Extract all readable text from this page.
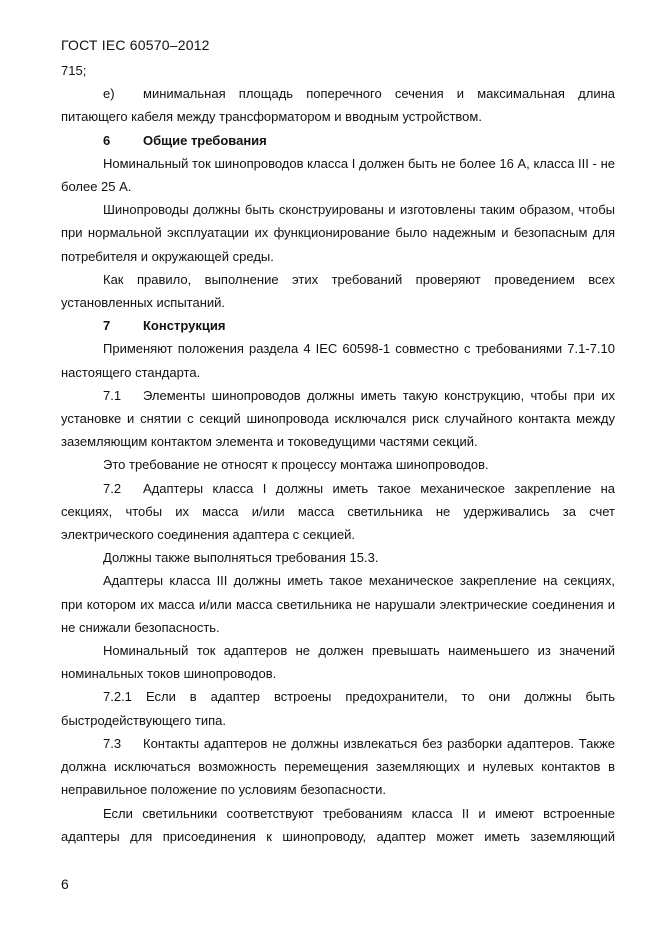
ГОСТ IEC 60570–2012

715;

e) минимальная площадь поперечного сечения и максимальная длина питающего кабеля между трансформатором и вводным устройством.

6	Общие требования

Номинальный ток шинопроводов класса I должен быть не более 16 А, класса III - не более 25 А.

Шинопроводы должны быть сконструированы и изготовлены таким образом, чтобы при нормальной эксплуатации их функционирование было надежным и безопасным для потребителя и окружающей среды.

Как правило, выполнение этих требований проверяют проведением всех установленных испытаний.

7	Конструкция

Применяют положения раздела 4 IEC 60598-1 совместно с требованиями 7.1-7.10 настоящего стандарта.

7.1 Элементы шинопроводов должны иметь такую конструкцию, чтобы при их установке и снятии с секций шинопровода исключался риск случайного контакта между заземляющим контактом элемента и токоведущими частями секций.

Это требование не относят к процессу монтажа шинопроводов.

7.2 Адаптеры класса I должны иметь такое механическое закрепление на секциях, чтобы их масса и/или масса светильника не удерживались за счет электрического соединения адаптера с секцией.

Должны также выполняться требования 15.3.

Адаптеры класса III должны иметь такое механическое закрепление на секциях, при котором их масса и/или масса светильника не нарушали электрические соединения и не снижали безопасность.

Номинальный ток адаптеров не должен превышать наименьшего из значений номинальных токов шинопроводов.

7.2.1 Если в адаптер встроены предохранители, то они должны быть быстродействующего типа.

7.3 Контакты адаптеров не должны извлекаться без разборки адаптеров. Также должна исключаться возможность перемещения заземляющих и нулевых контактов в неправильное положение по условиям безопасности.

Если светильники соответствуют требованиям класса II и имеют встроенные адаптеры для присоединения к шинопроводу, адаптер может иметь заземляющий

6
